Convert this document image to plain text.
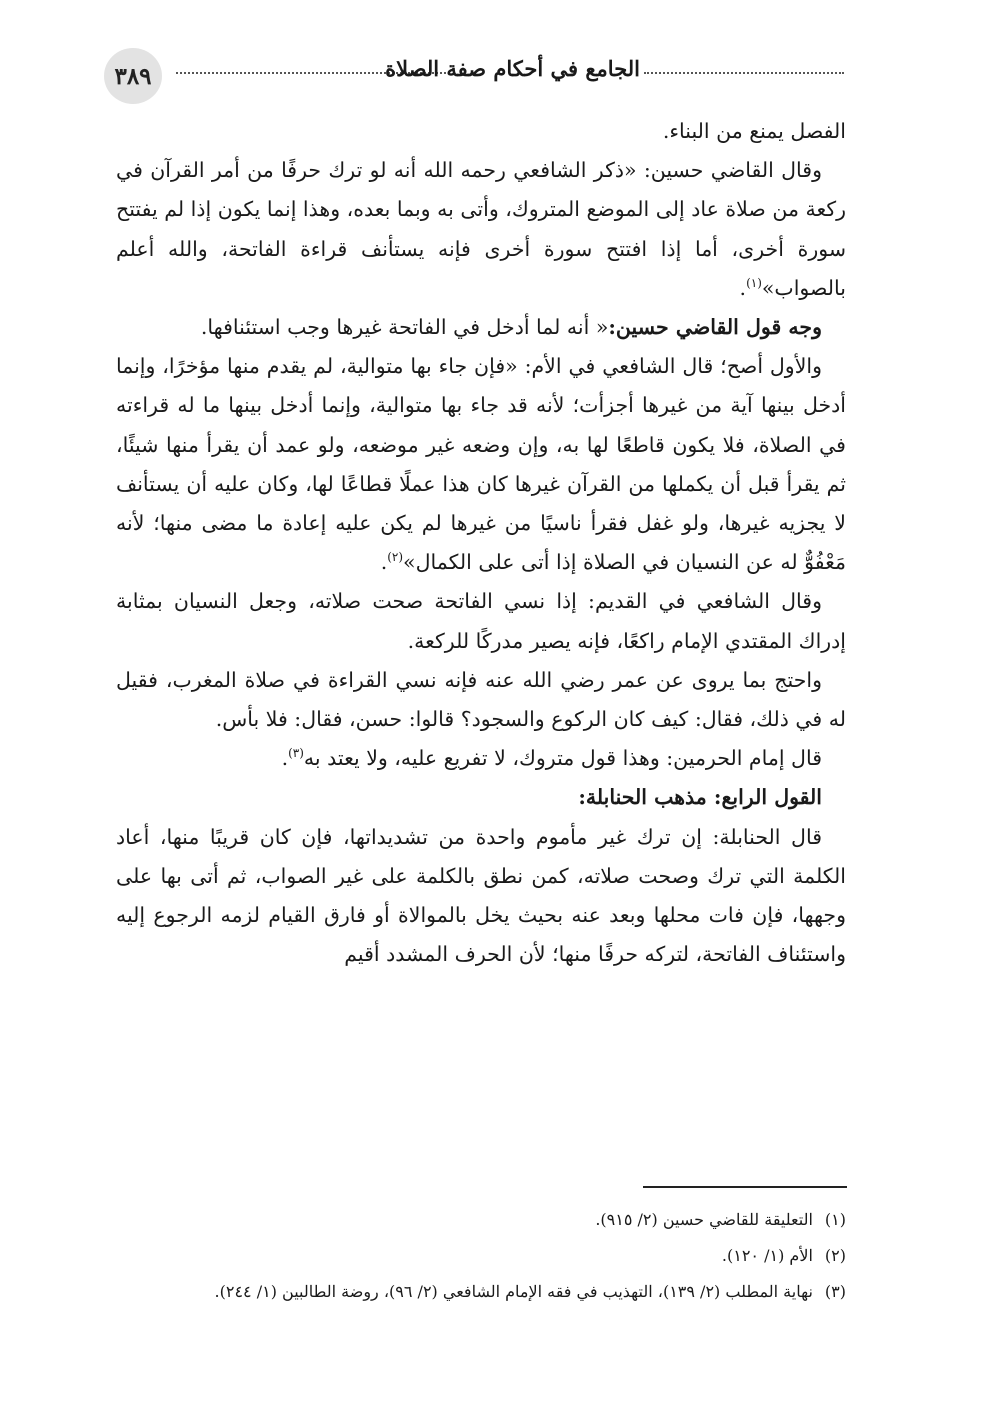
٣٨٩	الجامع في أحكام صفة الصلاة

الفصل يمنع من البناء.

وقال القاضي حسين: «ذكر الشافعي رحمه الله أنه لو ترك حرفًا من أمر القرآن في ركعة من صلاة عاد إلى الموضع المتروك، وأتى به وبما بعده، وهذا إنما يكون إذا لم يفتتح سورة أخرى، أما إذا افتتح سورة أخرى فإنه يستأنف قراءة الفاتحة، والله أعلم بالصواب»$^{(١)}$.

وجه قول القاضي حسين:« أنه لما أدخل في الفاتحة غيرها وجب استئنافها.

والأول أصح؛ قال الشافعي في الأم: «فإن جاء بها متوالية، لم يقدم منها مؤخرًا، وإنما أدخل بينها آية من غيرها أجزأت؛ لأنه قد جاء بها متوالية، وإنما أدخل بينها ما له قراءته في الصلاة، فلا يكون قاطعًا لها به، وإن وضعه غير موضعه، ولو عمد أن يقرأ منها شيئًا، ثم يقرأ قبل أن يكملها من القرآن غيرها كان هذا عملًا قطاعًا لها، وكان عليه أن يستأنف لا يجزيه غيرها، ولو غفل فقرأ ناسيًا من غيرها لم يكن عليه إعادة ما مضى منها؛ لأنه مَعْفُوٌّ له عن النسيان في الصلاة إذا أتى على الكمال»$^{(٢)}$.

وقال الشافعي في القديم: إذا نسي الفاتحة صحت صلاته، وجعل النسيان بمثابة إدراك المقتدي الإمام راكعًا، فإنه يصير مدركًا للركعة.

واحتج بما يروى عن عمر رضي الله عنه فإنه نسي القراءة في صلاة المغرب، فقيل له في ذلك، فقال: كيف كان الركوع والسجود؟ قالوا: حسن، فقال: فلا بأس.

قال إمام الحرمين: وهذا قول متروك، لا تفريع عليه، ولا يعتد به$^{(٣)}$.

القول الرابع: مذهب الحنابلة:

قال الحنابلة: إن ترك غير مأموم واحدة من تشديداتها، فإن كان قريبًا منها، أعاد الكلمة التي ترك وصحت صلاته، كمن نطق بالكلمة على غير الصواب، ثم أتى بها على وجهها، فإن فات محلها وبعد عنه بحيث يخل بالموالاة أو فارق القيام لزمه الرجوع إليه واستئناف الفاتحة، لتركه حرفًا منها؛ لأن الحرف المشدد أقيم

(١)التعليقة للقاضي حسين (٢/ ٩١٥).
(٢)الأم (١/ ١٢٠).
(٣)نهاية المطلب (٢/ ١٣٩)، التهذيب في فقه الإمام الشافعي (٢/ ٩٦)، روضة الطالبين (١/ ٢٤٤).
